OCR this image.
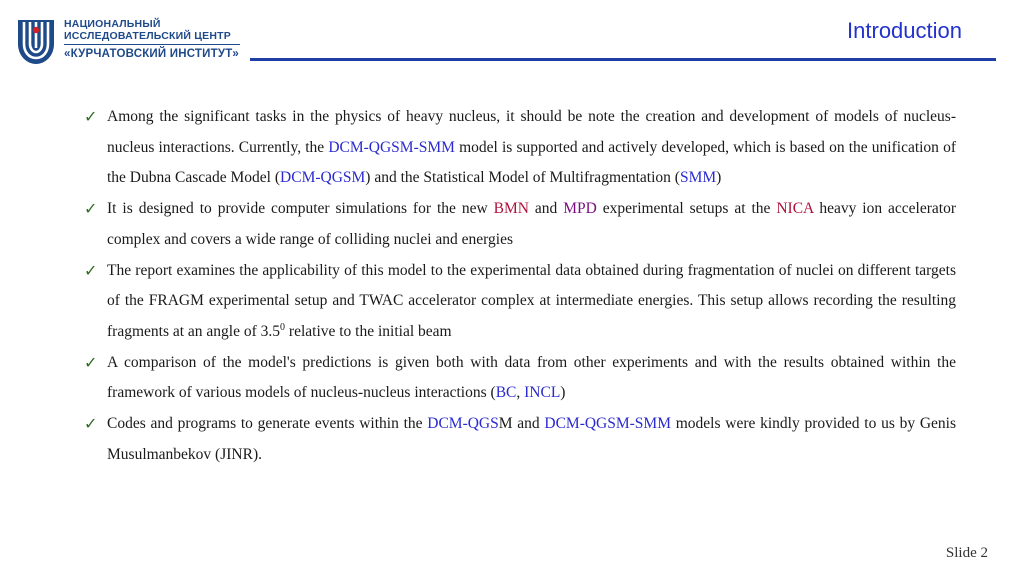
НАЦИОНАЛЬНЫЙ
ИССЛЕДОВАТЕЛЬСКИЙ ЦЕНТР
«КУРЧАТОВСКИЙ ИНСТИТУТ»
Introduction
✓ Among the significant tasks in the physics of heavy nucleus, it should be note the creation and development of models of nucleus-nucleus interactions. Currently, the DCM-QGSM-SMM model is supported and actively developed, which is based on the unification of the Dubna Cascade Model (DCM-QGSM) and the Statistical Model of Multifragmentation (SMM)
✓ It is designed to provide computer simulations for the new BMN and MPD experimental setups at the NICA heavy ion accelerator complex and covers a wide range of colliding nuclei and energies
✓ The report examines the applicability of this model to the experimental data obtained during fragmentation of nuclei on different targets of the FRAGM experimental setup and TWAC accelerator complex at intermediate energies. This setup allows recording the resulting fragments at an angle of $3.5^0$ relative to the initial beam
✓ A comparison of the model's predictions is given both with data from other experiments and with the results obtained within the framework of various models of nucleus-nucleus interactions (BC, INCL)
✓ Codes and programs to generate events within the DCM-QGSM and DCM-QGSM-SMM models were kindly provided to us by Genis Musulmanbekov (JINR).
Slide 2
